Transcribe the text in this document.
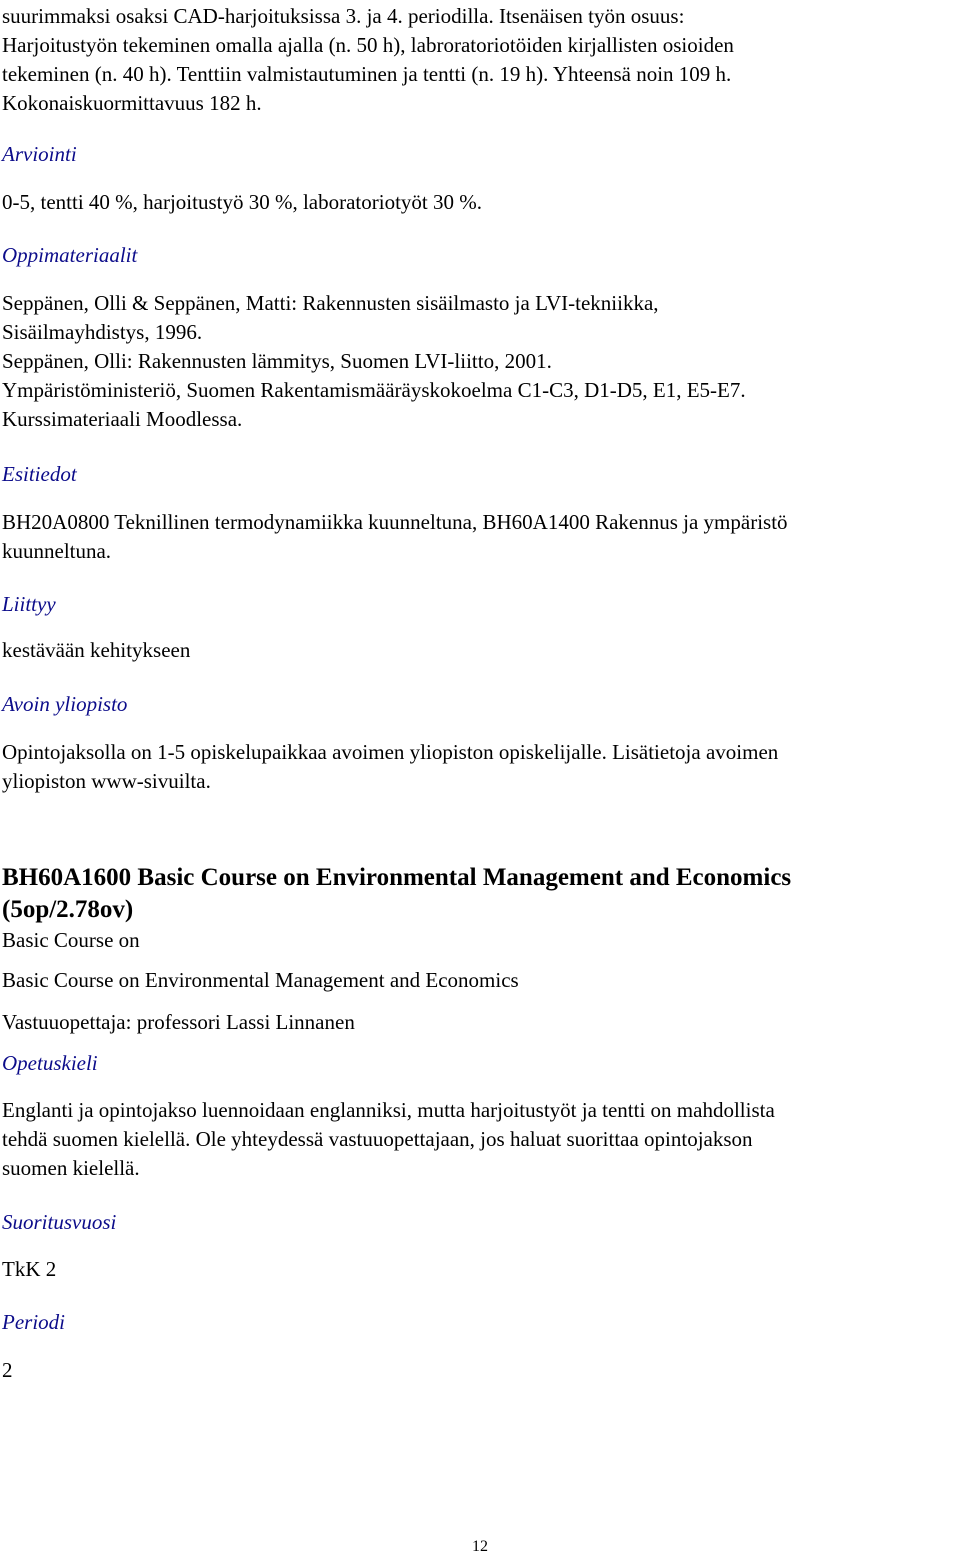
suurimmaksi osaksi CAD-harjoituksissa 3. ja 4. periodilla. Itsenäisen työn osuus:

Harjoitustyön tekeminen omalla ajalla (n. 50 h), labroratoriotöiden kirjallisten osioiden

tekeminen (n. 40 h). Tenttiin valmistautuminen ja tentti (n. 19 h). Yhteensä noin 109 h.

Kokonaiskuormittavuus 182 h.

Arviointi

0-5, tentti 40 %, harjoitustyö 30 %, laboratoriotyöt 30 %.

Oppimateriaalit

Seppänen, Olli & Seppänen, Matti: Rakennusten sisäilmasto ja LVI-tekniikka,

Sisäilmayhdistys, 1996.

Seppänen, Olli: Rakennusten lämmitys, Suomen LVI-liitto, 2001.

Ympäristöministeriö, Suomen Rakentamismääräyskokoelma C1-C3, D1-D5, E1, E5-E7.

Kurssimateriaali Moodlessa.

Esitiedot

BH20A0800 Teknillinen termodynamiikka kuunneltuna, BH60A1400 Rakennus ja ympäristö

kuunneltuna.

Liittyy

kestävään kehitykseen

Avoin yliopisto

Opintojaksolla on 1-5 opiskelupaikkaa avoimen yliopiston opiskelijalle. Lisätietoja avoimen

yliopiston www-sivuilta.

BH60A1600 Basic Course on Environmental Management and Economics

(5op/2.78ov)

Basic Course on

Basic Course on Environmental Management and Economics

Vastuuopettaja: professori Lassi Linnanen

Opetuskieli

Englanti ja opintojakso luennoidaan englanniksi, mutta harjoitustyöt ja tentti on mahdollista

tehdä suomen kielellä. Ole yhteydessä vastuuopettajaan, jos haluat suorittaa opintojakson

suomen kielellä.

Suoritusvuosi

TkK 2

Periodi

2

12
